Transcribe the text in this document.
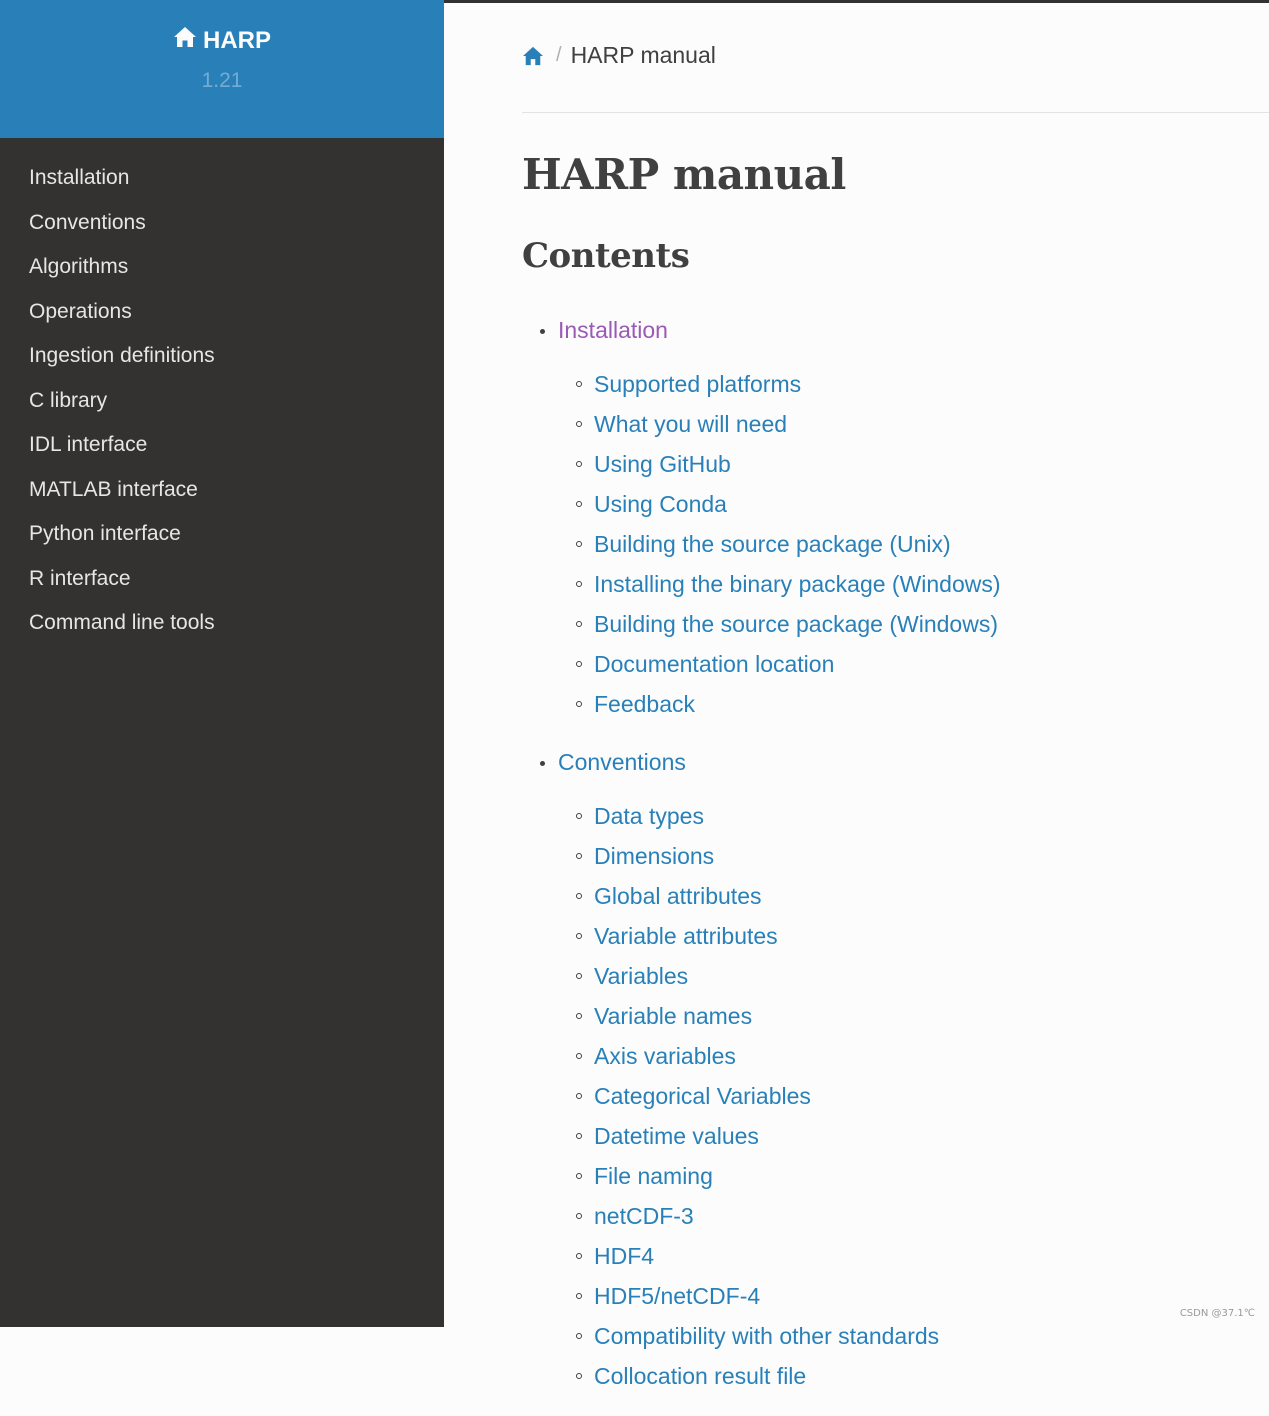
HARP
1.21
Installation
Conventions
Algorithms
Operations
Ingestion definitions
C library
IDL interface
MATLAB interface
Python interface
R interface
Command line tools
/ HARP manual
HARP manual
Contents
Installation
Supported platforms
What you will need
Using GitHub
Using Conda
Building the source package (Unix)
Installing the binary package (Windows)
Building the source package (Windows)
Documentation location
Feedback
Conventions
Data types
Dimensions
Global attributes
Variable attributes
Variables
Variable names
Axis variables
Categorical Variables
Datetime values
File naming
netCDF-3
HDF4
HDF5/netCDF-4
Compatibility with other standards
Collocation result file
CSDN @37.1℃
